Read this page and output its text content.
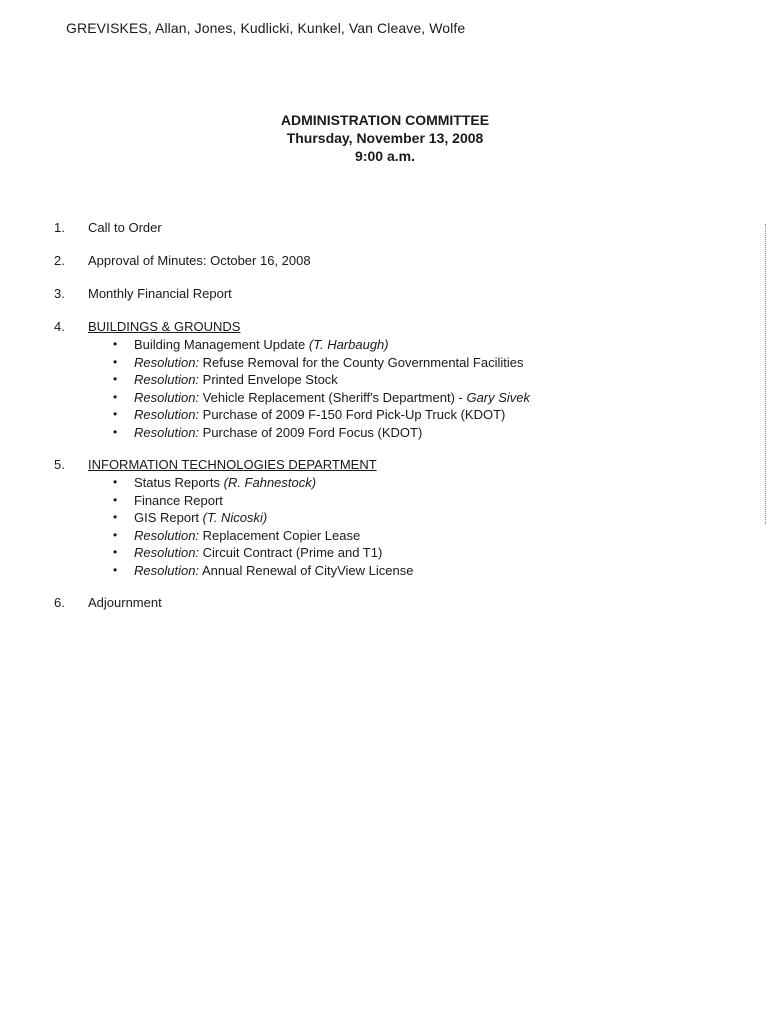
GREVISKES, Allan, Jones, Kudlicki, Kunkel, Van Cleave, Wolfe
ADMINISTRATION COMMITTEE
Thursday, November 13, 2008
9:00 a.m.
1.	Call to Order
2.	Approval of Minutes: October 16, 2008
3.	Monthly Financial Report
4.	BUILDINGS & GROUNDS
• Building Management Update (T. Harbaugh)
• Resolution: Refuse Removal for the County Governmental Facilities
• Resolution: Printed Envelope Stock
• Resolution: Vehicle Replacement (Sheriff's Department) - Gary Sivek
• Resolution: Purchase of 2009 F-150 Ford Pick-Up Truck (KDOT)
• Resolution: Purchase of 2009 Ford Focus (KDOT)
5.	INFORMATION TECHNOLOGIES DEPARTMENT
• Status Reports (R. Fahnestock)
• Finance Report
• GIS Report (T. Nicoski)
• Resolution: Replacement Copier Lease
• Resolution: Circuit Contract (Prime and T1)
• Resolution: Annual Renewal of CityView License
6.	Adjournment
